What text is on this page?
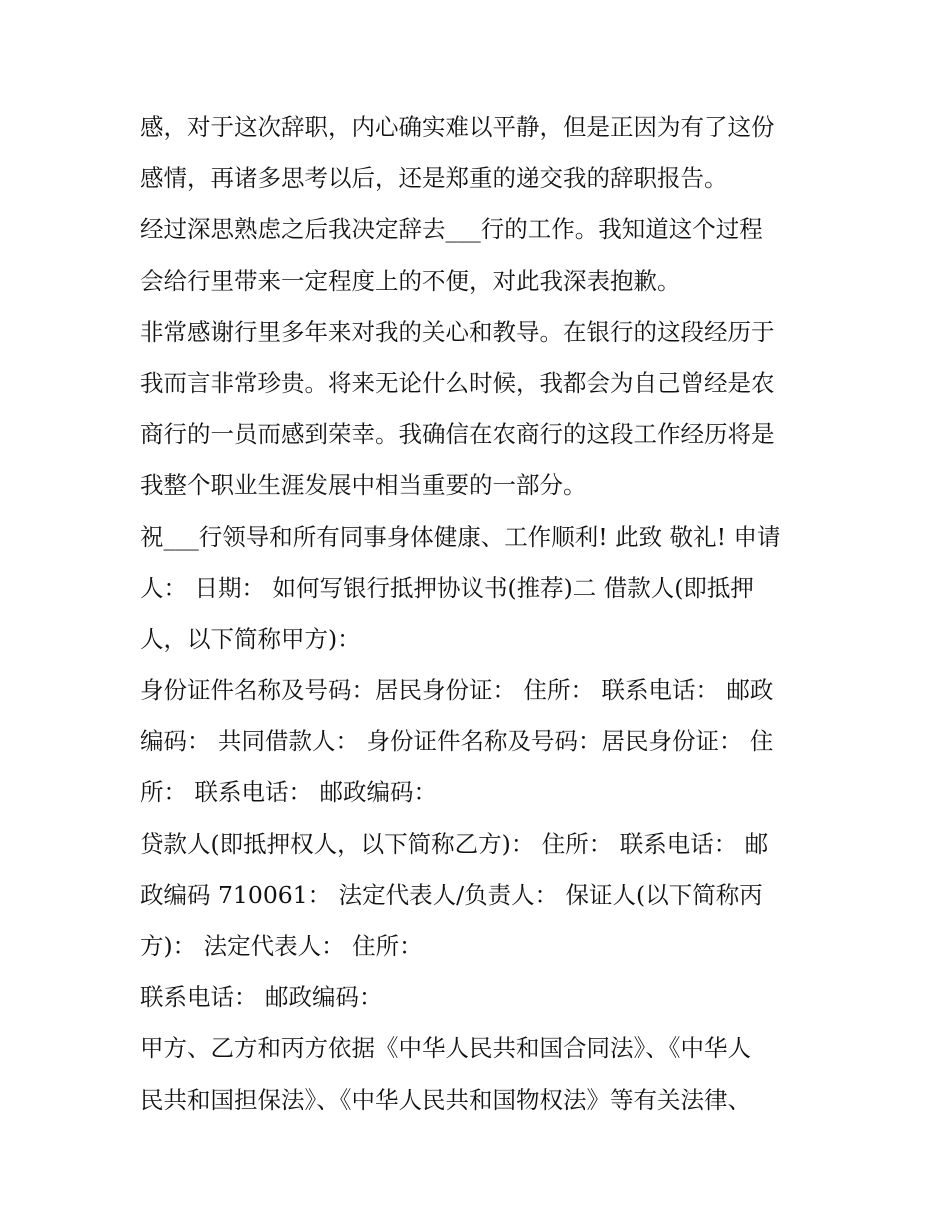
感，对于这次辞职，内心确实难以平静，但是正因为有了这份
感情，再诸多思考以后，还是郑重的递交我的辞职报告。
经过深思熟虑之后我决定辞去___行的工作。我知道这个过程
会给行里带来一定程度上的不便，对此我深表抱歉。
非常感谢行里多年来对我的关心和教导。在银行的这段经历于
我而言非常珍贵。将来无论什么时候，我都会为自己曾经是农
商行的一员而感到荣幸。我确信在农商行的这段工作经历将是
我整个职业生涯发展中相当重要的一部分。
祝___行领导和所有同事身体健康、工作顺利! 此致 敬礼! 申请
人： 日期： 如何写银行抵押协议书(推荐)二 借款人(即抵押
人，以下简称甲方)：
身份证件名称及号码：居民身份证： 住所： 联系电话： 邮政
编码： 共同借款人： 身份证件名称及号码：居民身份证： 住
所： 联系电话： 邮政编码：
贷款人(即抵押权人，以下简称乙方)： 住所： 联系电话： 邮
政编码 710061： 法定代表人/负责人： 保证人(以下简称丙
方)： 法定代表人： 住所：
联系电话： 邮政编码：
甲方、乙方和丙方依据《中华人民共和国合同法》、《中华人
民共和国担保法》、《中华人民共和国物权法》等有关法律、
